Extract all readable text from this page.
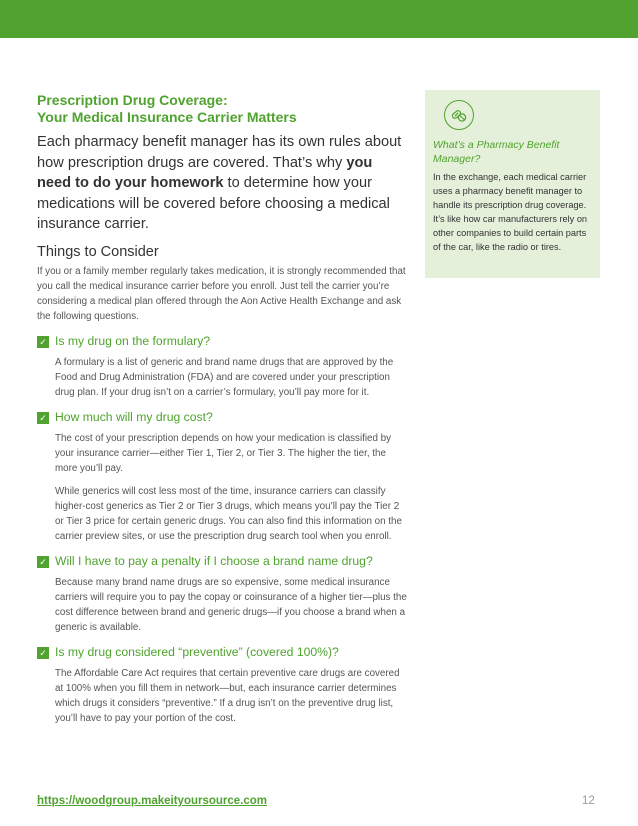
Prescription Drug Coverage:
Your Medical Insurance Carrier Matters

Each pharmacy benefit manager has its own rules about how prescription drugs are covered. That’s why you need to do your homework to determine how your medications will be covered before choosing a medical insurance carrier.

Things to Consider

If you or a family member regularly takes medication, it is strongly recommended that you call the medical insurance carrier before you enroll. Just tell the carrier you’re considering a medical plan offered through the Aon Active Health Exchange and ask the following questions.

✓ Is my drug on the formulary?

A formulary is a list of generic and brand name drugs that are approved by the Food and Drug Administration (FDA) and are covered under your prescription drug plan. If your drug isn’t on a carrier’s formulary, you’ll pay more for it.

✓ How much will my drug cost?

The cost of your prescription depends on how your medication is classified by your insurance carrier—either Tier 1, Tier 2, or Tier 3. The higher the tier, the more you’ll pay.

While generics will cost less most of the time, insurance carriers can classify higher-cost generics as Tier 2 or Tier 3 drugs, which means you’ll pay the Tier 2 or Tier 3 price for certain generic drugs. You can also find this information on the carrier preview sites, or use the prescription drug search tool when you enroll.

✓ Will I have to pay a penalty if I choose a brand name drug?

Because many brand name drugs are so expensive, some medical insurance carriers will require you to pay the copay or coinsurance of a higher tier—plus the cost difference between brand and generic drugs—if you choose a brand when a generic is available.

✓ Is my drug considered “preventive” (covered 100%)?

The Affordable Care Act requires that certain preventive care drugs are covered at 100% when you fill them in network—but, each insurance carrier determines which drugs it considers “preventive.” If a drug isn’t on the preventive drug list, you’ll have to pay your portion of the cost.

What’s a Pharmacy Benefit Manager?

In the exchange, each medical carrier uses a pharmacy benefit manager to handle its prescription drug coverage. It’s like how car manufacturers rely on other companies to build certain parts of the car, like the radio or tires.

https://woodgroup.makeityoursource.com	12
